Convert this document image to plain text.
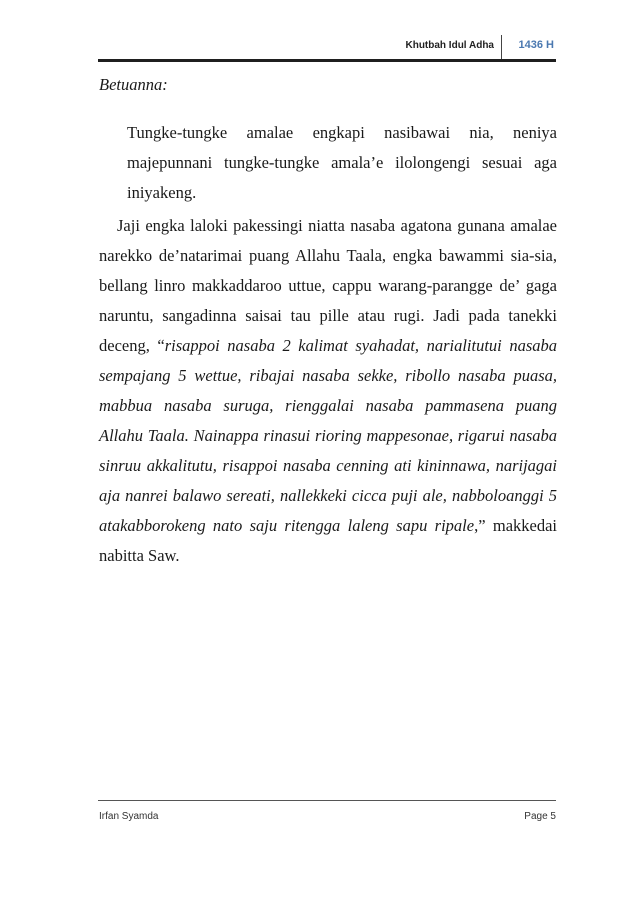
Khutbah Idul Adha 1436 H
Betuanna:

Tungke-tungke amalae engkapi nasibawai nia, neniya majepunnani tungke-tungke amala’e ilolongengi sesuai aga iniyakeng.

Jaji engka laloki pakessingi niatta nasaba agatona gunana amalae narekko de’natarimai puang Allahu Taala, engka bawammi sia-sia, bellang linro makkaddaroo uttue, cappu warang-parangge de’ gaga naruntu, sangadinna saisai tau pille atau rugi. Jadi pada tanekki deceng, “risappoi nasaba 2 kalimat syahadat, narialitutui nasaba sempajang 5 wettue, ribajai nasaba sekke, ribollo nasaba puasa, mabbua nasaba suruga, rienggalai nasaba pammasena puang Allahu Taala. Nainappa rinasui rioring mappesonae, rigarui nasaba sinruu akkalitutu, risappoi nasaba cenning ati kininnawa, narijagai aja nanrei balawo sereati, nallekkeki cicca puji ale, nabboloanggi 5 atakabborokeng nato saju ritengga laleng sapu ripale,” makkedai nabitta Saw.

Irfan Syamda	Page 5
